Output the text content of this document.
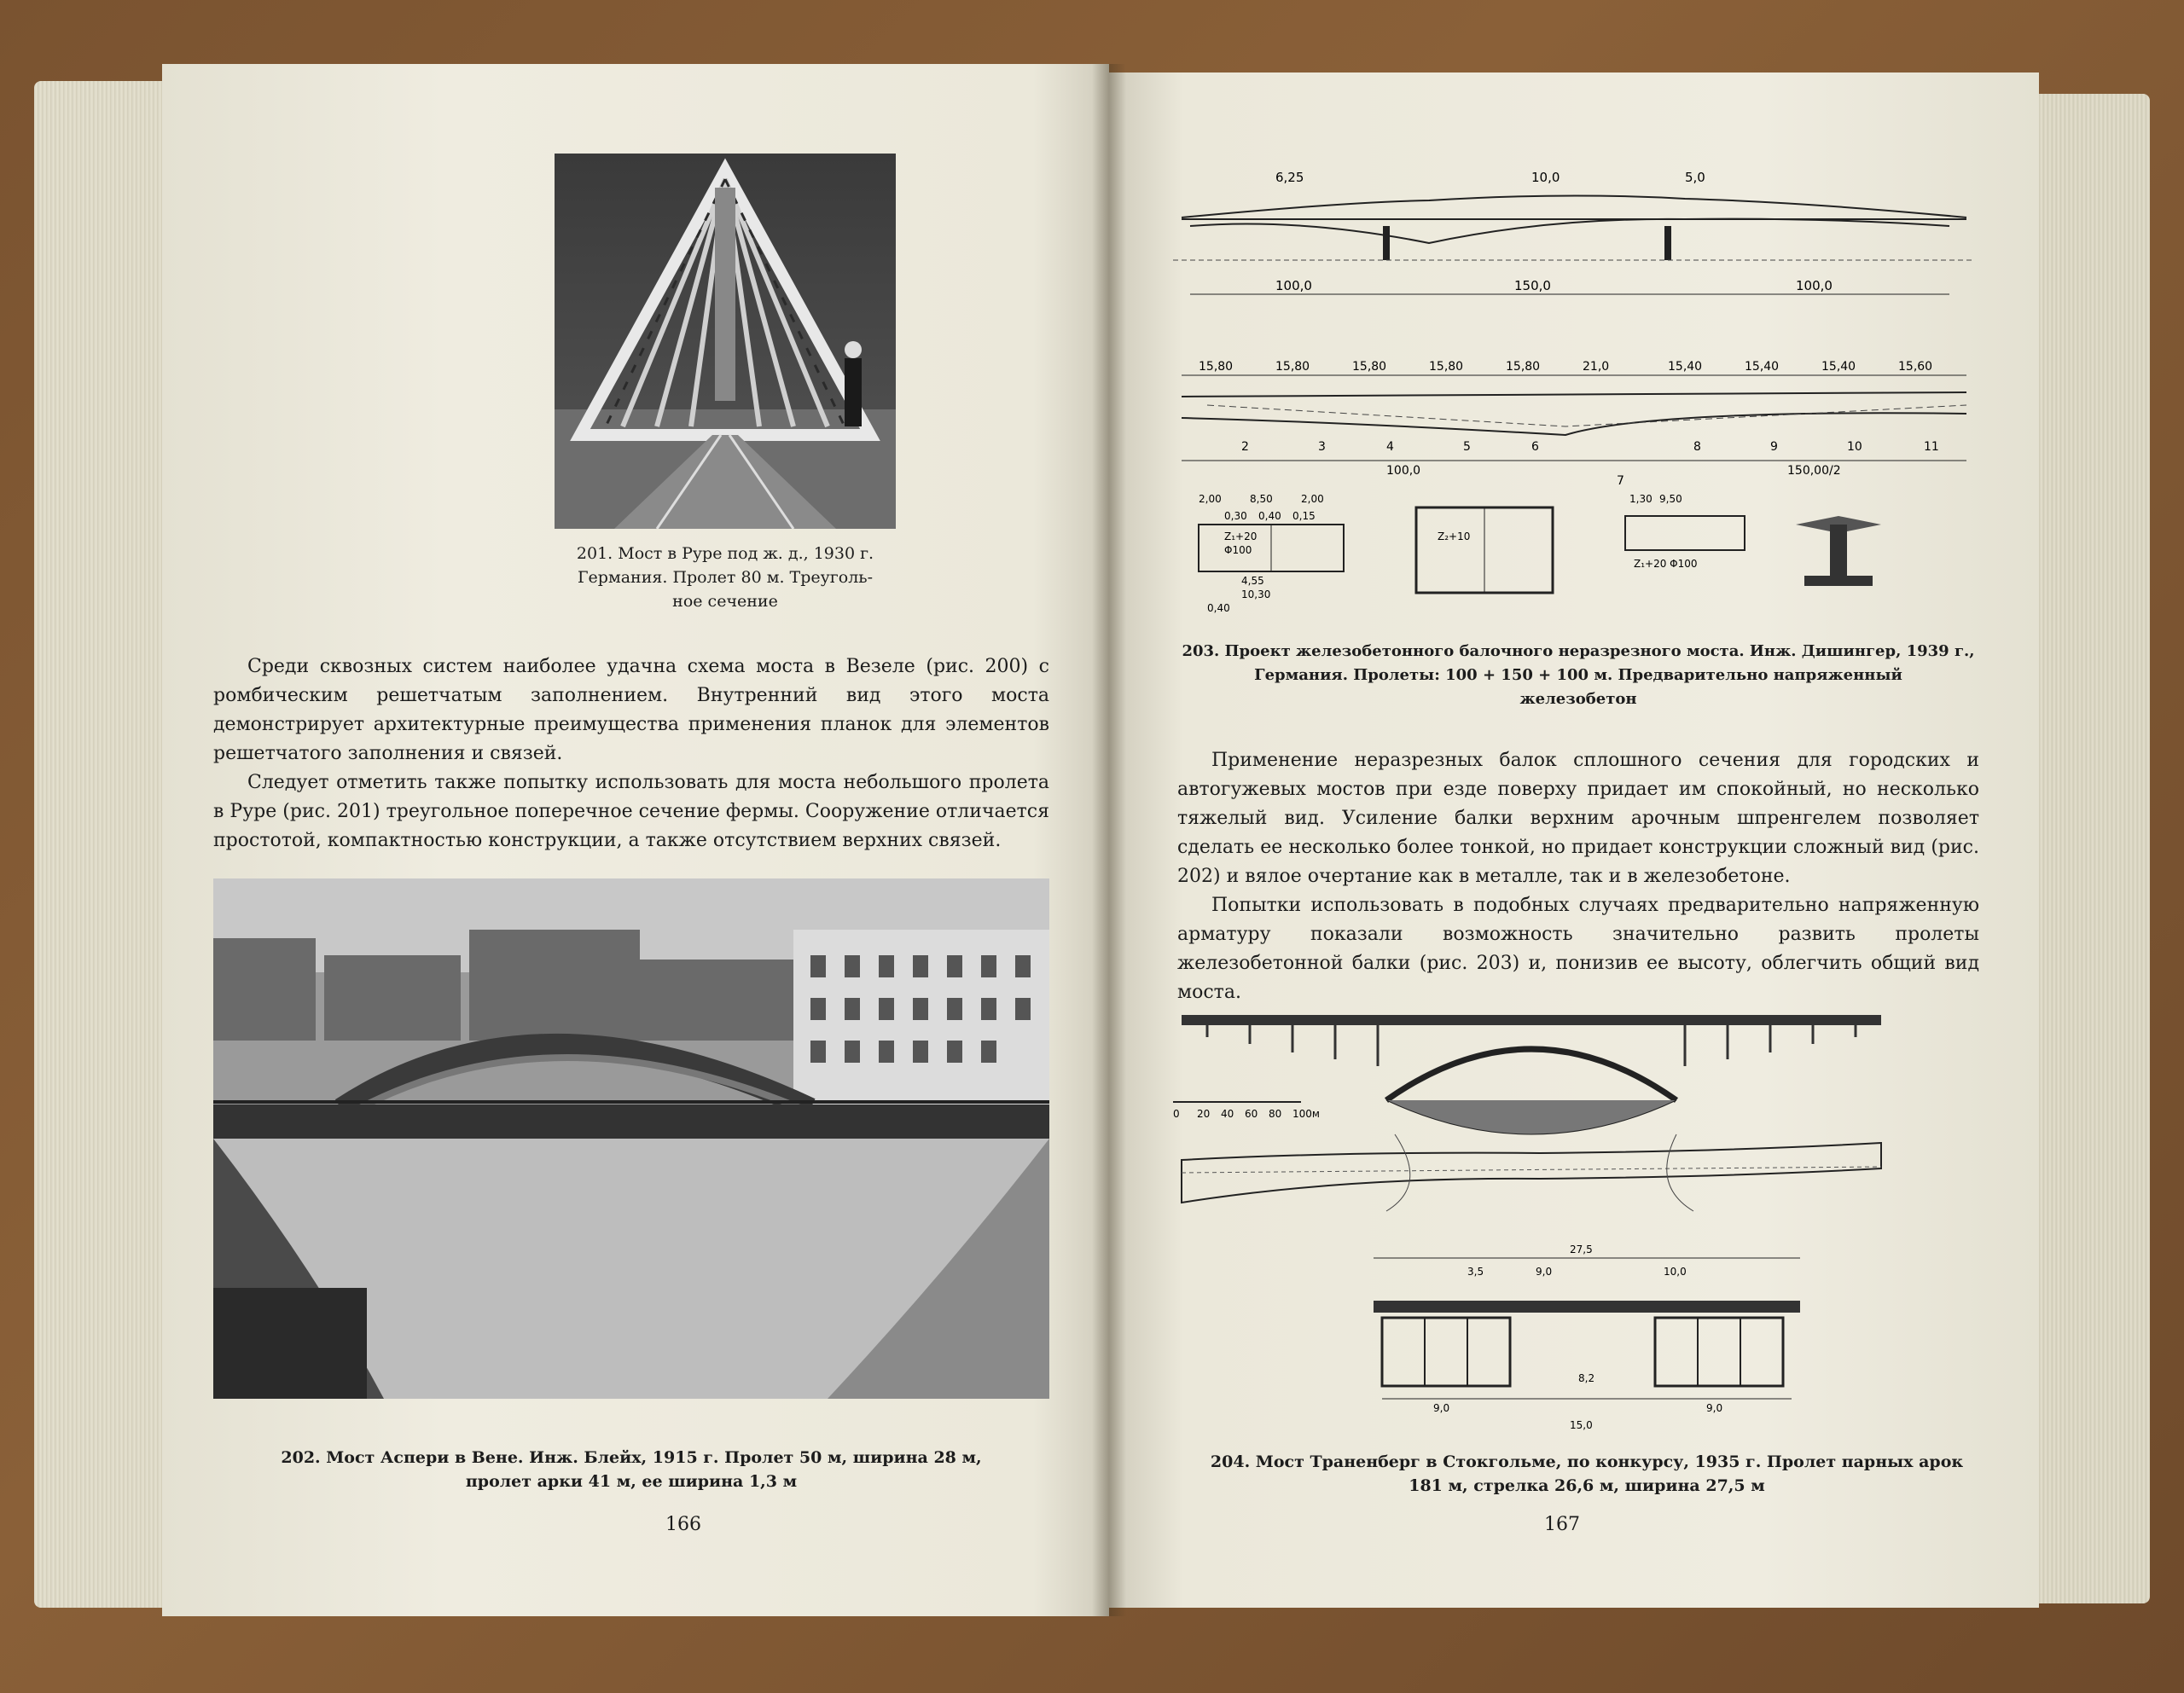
201. Мост в Руре под ж. д., 1930 г.
Германия. Пролет 80 м. Треуголь-
ное сечение

Среди сквозных систем наиболее удачна схема моста в Везеле (рис. 200) с ромбическим решетчатым заполнением. Внутренний вид этого моста демонстрирует архитектурные преимущества применения планок для элементов решетчатого заполнения и связей.

Следует отметить также попытку использовать для моста небольшого пролета в Руре (рис. 201) треугольное поперечное сечение фермы. Сооружение отличается простотой, компактностью конструкции, а также отсутствием верхних связей.

202. Мост Аспери в Вене. Инж. Блейх, 1915 г. Пролет 50 м, ширина 28 м,
пролет арки 41 м, ее ширина 1,3 м
166
6,25	10,0	5,0
100,0	150,0	100,0
15,80	15,80	15,80	15,80	15,80	21,0	15,40	15,40	15,40	15,60
2	3	4	5	6
7
8	9	10	11
100,0	150,00/2
2,00	8,50	2,00
0,30 0,40 0,15
Z₁+20
Φ100
4,55
10,30
0,40
1,30 9,50
Z₂+10
Z₁+20 Φ100
203. Проект железобетонного балочного неразрезного моста. Инж. Дишингер, 1939 г.,
Германия. Пролеты: 100 + 150 + 100 м. Предварительно напряженный
железобетон

Применение неразрезных балок сплошного сечения для городских и автогужевых мостов при езде поверху придает им спокойный, но несколько тяжелый вид. Усиление балки верхним арочным шпренгелем позволяет сделать ее несколько более тонкой, но придает конструкции сложный вид (рис. 202) и вялое очертание как в металле, так и в железобетоне.

Попытки использовать в подобных случаях предварительно напряженную арматуру показали возможность значительно развить пролеты железобетонной балки (рис. 203) и, понизив ее высоту, облегчить общий вид моста.

0 20 40 60 80 100м
27,5
3,5	9,0	10,0
8,2
9,0	9,0
15,0
204. Мост Траненберг в Стокгольме, по конкурсу, 1935 г. Пролет парных арок
181 м, стрелка 26,6 м, ширина 27,5 м
167
